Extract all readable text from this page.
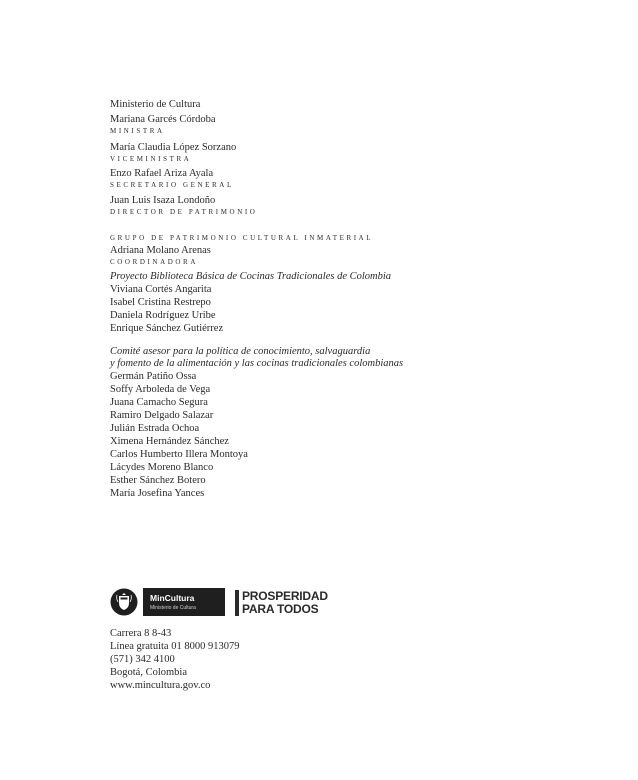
Ministerio de Cultura
Mariana Garcés Córdoba
MINISTRA
María Claudia López Sorzano
VICEMINISTRA
Enzo Rafael Ariza Ayala
SECRETARIO GENERAL
Juan Luis Isaza Londoño
DIRECTOR DE PATRIMONIO
GRUPO DE PATRIMONIO CULTURAL INMATERIAL
Adriana Molano Arenas
COORDINADORA
Proyecto Biblioteca Básica de Cocinas Tradicionales de Colombia
Viviana Cortés Angarita
Isabel Cristina Restrepo
Daniela Rodríguez Uribe
Enrique Sánchez Gutiérrez
Comité asesor para la política de conocimiento, salvaguardia
y fomento de la alimentación y las cocinas tradicionales colombianas
Germán Patiño Ossa
Soffy Arboleda de Vega
Juana Camacho Segura
Ramiro Delgado Salazar
Julián Estrada Ochoa
Ximena Hernández Sánchez
Carlos Humberto Illera Montoya
Lácydes Moreno Blanco
Esther Sánchez Botero
María Josefina Yances
MinCultura
Ministerio de Cultura
PROSPERIDAD
PARA TODOS
Carrera 8 8-43
Línea gratuita 01 8000 913079
(571) 342 4100
Bogotá, Colombia
www.mincultura.gov.co
